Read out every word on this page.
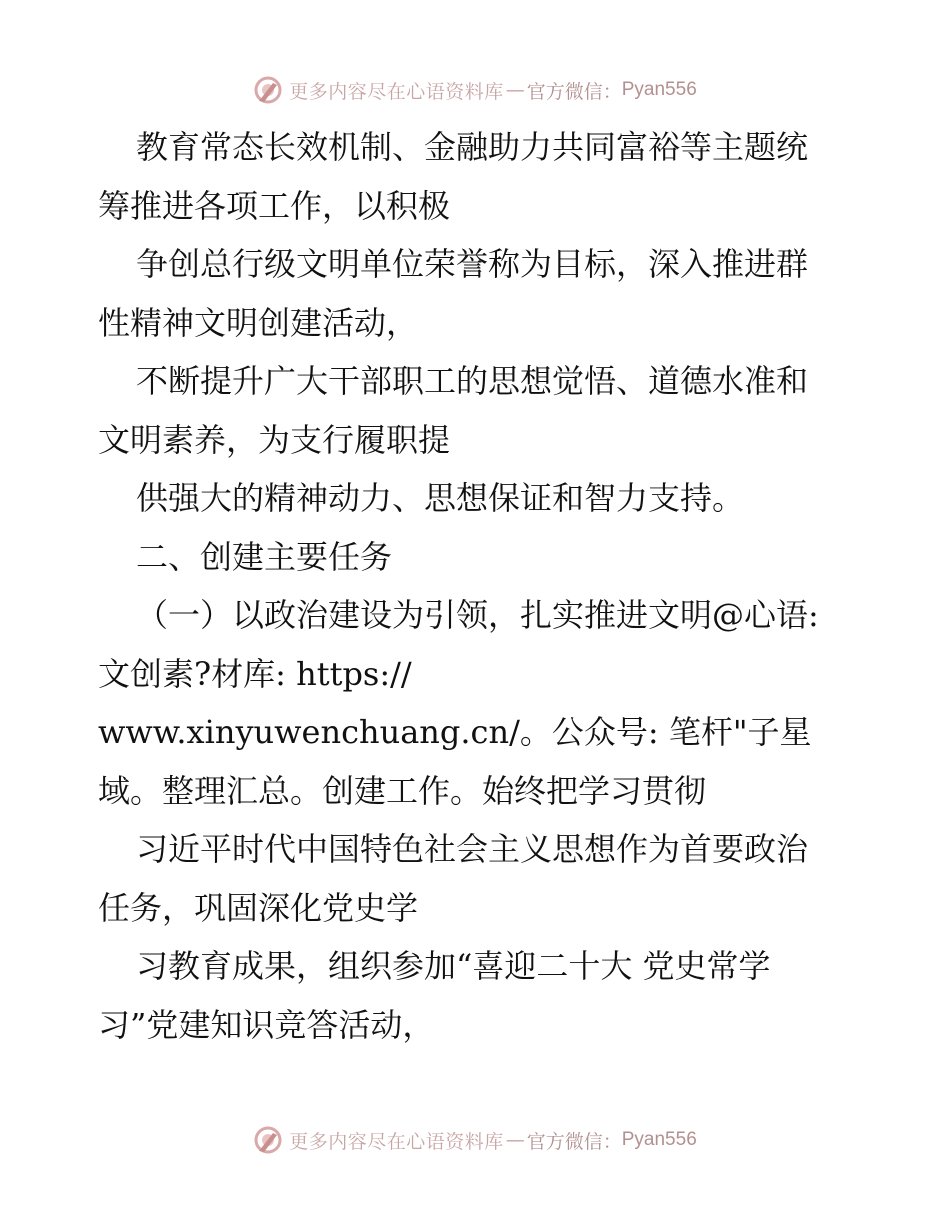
更多内容尽在心语资料库 — 官方微信： Pyan556
教育常态长效机制、金融助力共同富裕等主题统
筹推进各项工作，以积极
争创总行级文明单位荣誉称为目标，深入推进群
性精神文明创建活动，
不断提升广大干部职工的思想觉悟、道德水准和
文明素养，为支行履职提
供强大的精神动力、思想保证和智力支持。
二、创建主要任务
（一）以政治建设为引领，扎实推进文明@心语:
文创素?材库: https://
www.xinyuwenchuang.cn/。公众号: 笔杆"子星
域。整理汇总。创建工作。始终把学习贯彻
习近平时代中国特色社会主义思想作为首要政治
任务，巩固深化党史学
习教育成果，组织参加“喜迎二十大 党史常学
习”党建知识竞答活动，
更多内容尽在心语资料库 — 官方微信： Pyan556
